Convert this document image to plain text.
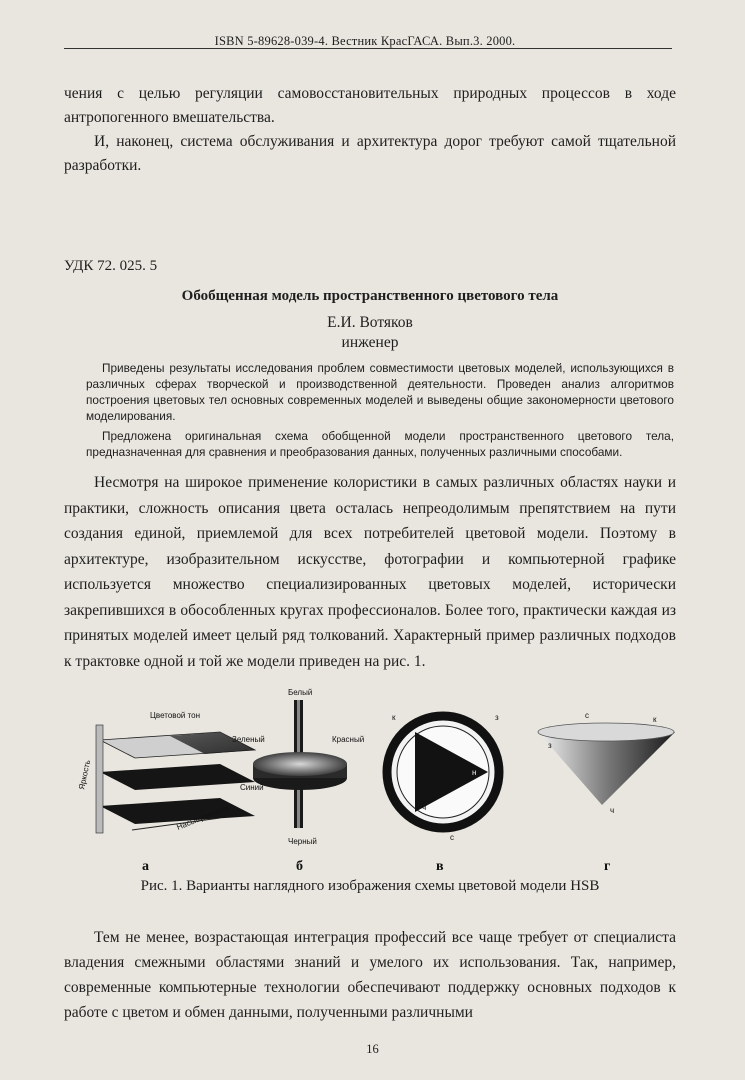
ISBN 5-89628-039-4. Вестник КрасГАСА. Вып.3. 2000.
чения с целью регуляции самовосстановительных природных процессов в ходе антропогенного вмешательства.
И, наконец, система обслуживания и архитектура дорог требуют самой тщательной разработки.
УДК 72. 025. 5
Обобщенная модель пространственного цветового тела
Е.И. Вотяков
инженер
Приведены результаты исследования проблем совместимости цветовых моделей, использующихся в различных сферах творческой и производственной деятельности. Проведен анализ алгоритмов построения цветовых тел основных современных моделей и выведены общие закономерности цветового моделирования.
Предложена оригинальная схема обобщенной модели пространственного цветового тела, предназначенная для сравнения и преобразования данных, полученных различными способами.
Несмотря на широкое применение колористики в самых различных областях науки и практики, сложность описания цвета осталась непреодолимым препятствием на пути создания единой, приемлемой для всех потребителей цветовой модели. Поэтому в архитектуре, изобразительном искусстве, фотографии и компьютерной графике используется множество специализированных цветовых моделей, исторически закрепившихся в обособленных кругах профессионалов. Более того, практически каждая из принятых моделей имеет целый ряд толкований. Характерный пример различных подходов к трактовке одной и той же модели приведен на рис. 1.
Цветовой тон
Яркость
Насыщенность
а
Белый
Зеленый	Красный
Синий
Черный
б
к	з
н
ч
с
в
с	к
з
ч
г
Рис. 1. Варианты наглядного изображения схемы цветовой модели HSB
Тем не менее, возрастающая интеграция профессий все чаще требует от специалиста владения смежными областями знаний и умелого их использования. Так, например, современные компьютерные технологии обеспечивают поддержку основных подходов к работе с цветом и обмен данными, полученными различными
16
